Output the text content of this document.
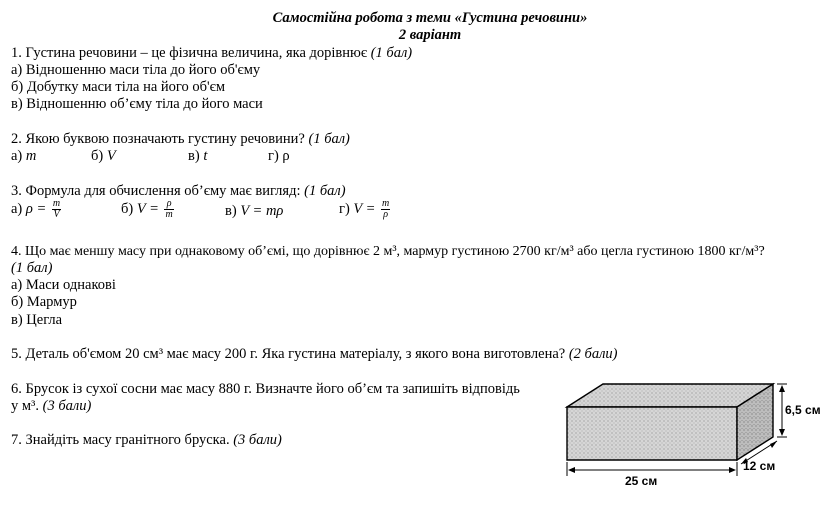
Самостійна робота з теми «Густина речовини»
2 варіант
1. Густина речовини – це фізична величина, яка дорівнює (1 бал)
а) Відношенню маси тіла до його об'єму
б) Добутку маси тіла на його об'єм
в) Відношенню об’єму тіла до його маси
2. Якою буквою позначають густину речовини? (1 бал)
а) m	б) V	в) t	г) ρ
3. Формула для обчислення об’єму має вигляд: (1 бал)
а) $\rho = \frac{m}{V}$	б) $V = \frac{\rho}{m}$	в) V = mρ	г) $V = \frac{m}{\rho}$
4. Що має меншу масу при однаковому об’ємі, що дорівнює 2 м³, мармур густиною 2700 кг/м³ або цегла густиною 1800 кг/м³?
(1 бал)
а) Маси однакові
б) Мармур
в) Цегла
5. Деталь об'ємом 20 см³ має масу 200 г. Яка густина матеріалу, з якого вона виготовлена? (2 бали)
6. Брусок із сухої сосни має масу 880 г. Визначте його об’єм та запишіть відповідь
у м³. (3 бали)
7. Знайдіть масу гранітного бруска. (3 бали)
6,5 см
12 см
25 см
